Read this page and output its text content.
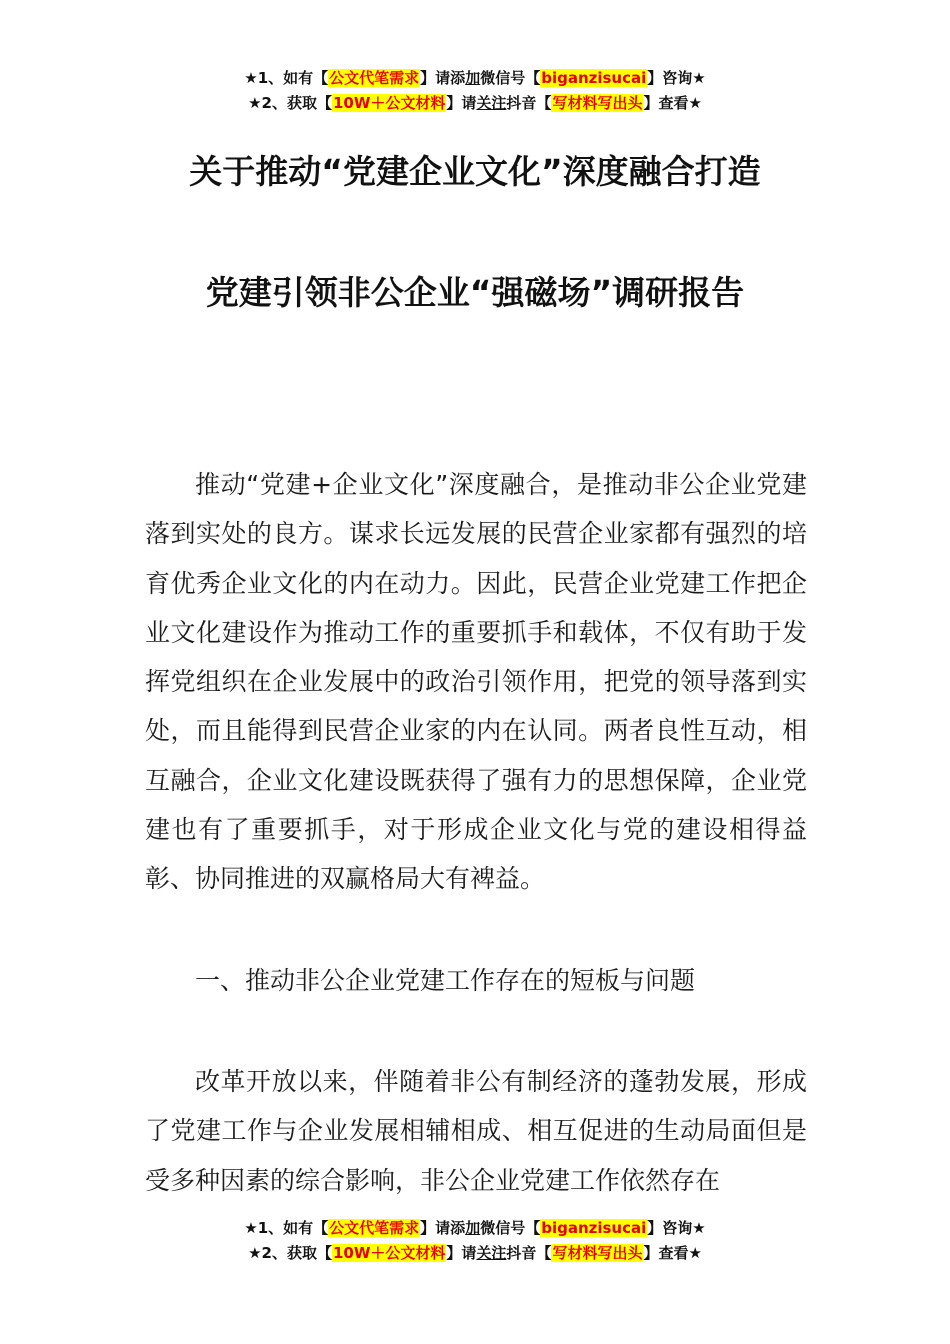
★1、如有【公文代笔需求】请添加微信号【biganzisucai】咨询★
★2、获取【10W＋公文材料】请关注抖音【写材料写出头】查看★
关于推动“党建企业文化”深度融合打造
党建引领非公企业“强磁场”调研报告

推动“党建+企业文化”深度融合，是推动非公企业党建落到实处的良方。谋求长远发展的民营企业家都有强烈的培育优秀企业文化的内在动力。因此，民营企业党建工作把企业文化建设作为推动工作的重要抓手和载体，不仅有助于发挥党组织在企业发展中的政治引领作用，把党的领导落到实处，而且能得到民营企业家的内在认同。两者良性互动，相互融合，企业文化建设既获得了强有力的思想保障，企业党建也有了重要抓手，对于形成企业文化与党的建设相得益彰、协同推进的双赢格局大有裨益。

一、推动非公企业党建工作存在的短板与问题

改革开放以来，伴随着非公有制经济的蓬勃发展，形成了党建工作与企业发展相辅相成、相互促进的生动局面但是受多种因素的综合影响，非公企业党建工作依然存在

★1、如有【公文代笔需求】请添加微信号【biganzisucai】咨询★
★2、获取【10W＋公文材料】请关注抖音【写材料写出头】查看★
